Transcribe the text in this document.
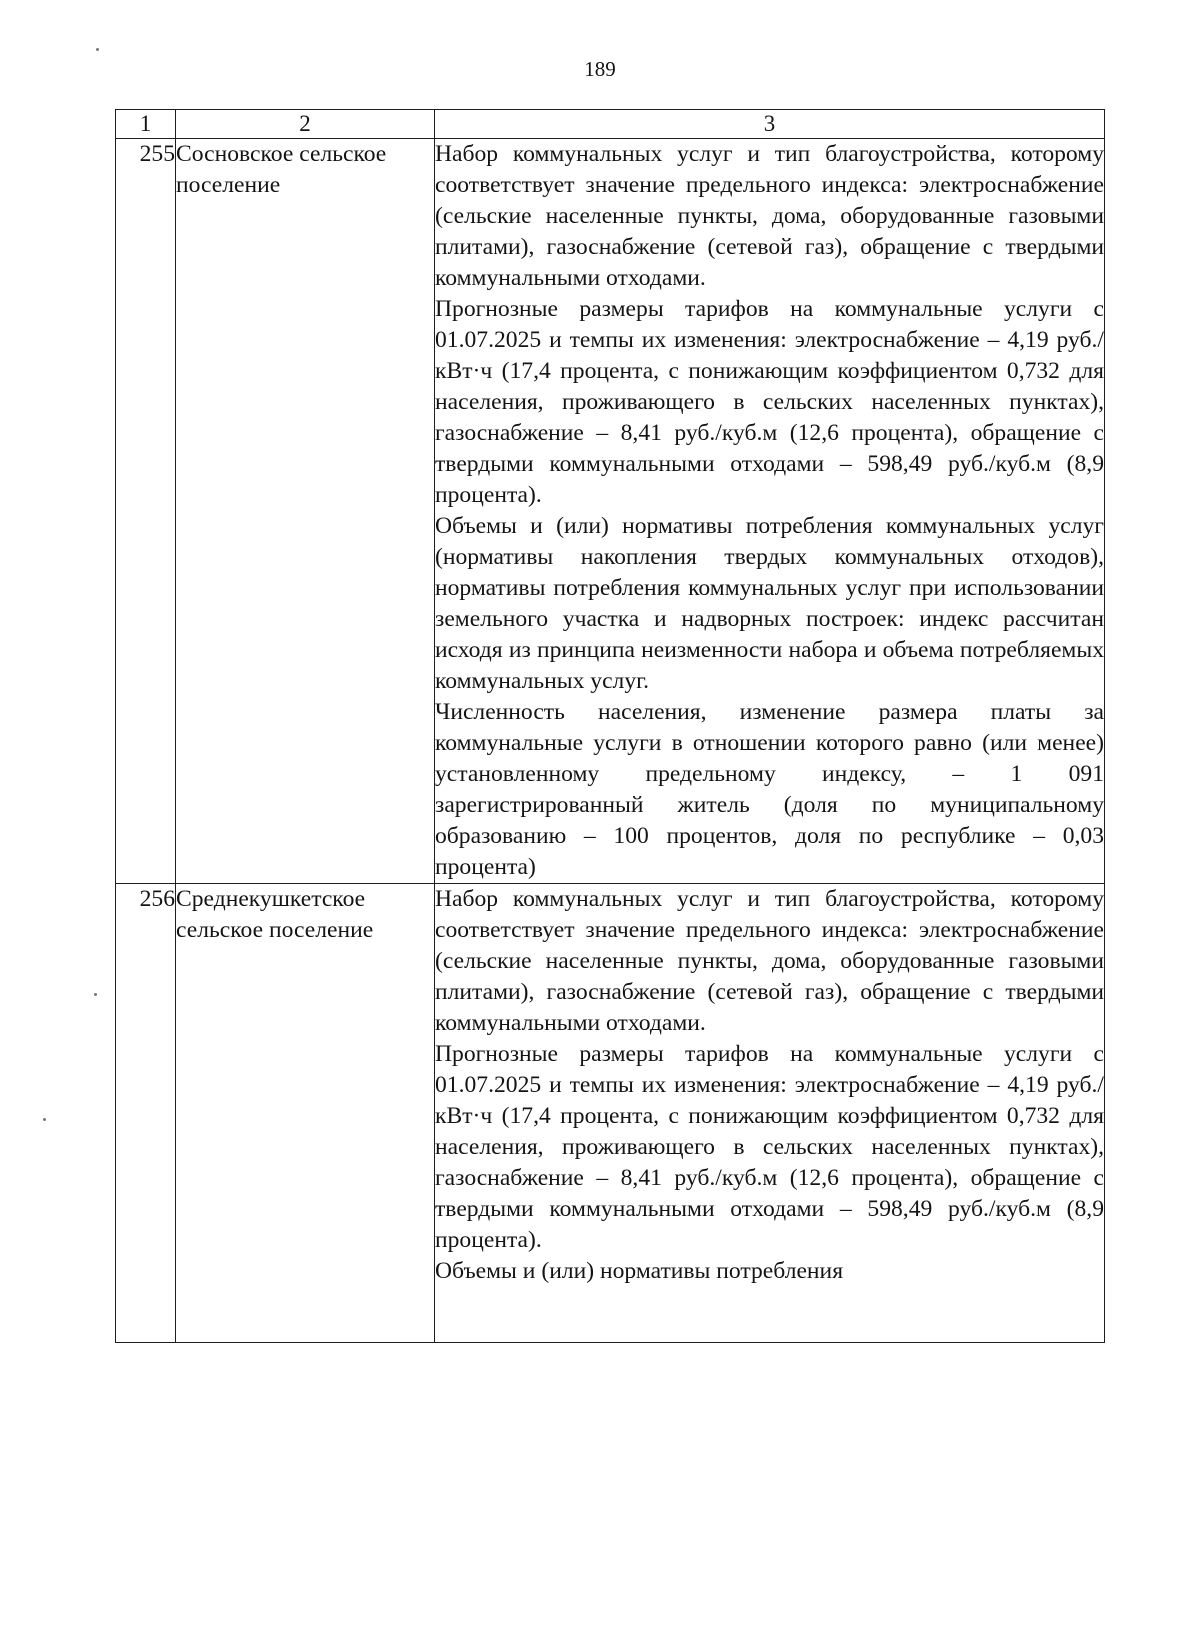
189
1	2	3
255	Сосновское сельское поселение	Набор коммунальных услуг и тип благоустройства, которому соответствует значение предельного индекса: электроснабжение (сельские населенные пункты, дома, оборудованные газовыми плитами), газоснабжение (сетевой газ), обращение с твердыми коммунальными отходами.

Прогнозные размеры тарифов на коммунальные услуги с 01.07.2025 и темпы их изменения: электроснабжение – 4,19 руб./кВт·ч (17,4 процента, с понижающим коэффициентом 0,732 для населения, проживающего в сельских населенных пунктах), газоснабжение – 8,41 руб./куб.м (12,6 процента), обращение с твердыми коммунальными отходами – 598,49 руб./куб.м (8,9 процента).

Объемы и (или) нормативы потребления коммунальных услуг (нормативы накопления твердых коммунальных отходов), нормативы потребления коммунальных услуг при использовании земельного участка и надворных построек: индекс рассчитан исходя из принципа неизменности набора и объема потребляемых коммунальных услуг.

Численность населения, изменение размера платы за коммунальные услуги в отношении которого равно (или менее) установленному предельному индексу, – 1 091 зарегистрированный житель (доля по муниципальному образованию – 100 процентов, доля по республике – 0,03 процента)

256	Среднекушкетское сельское поселение	Набор коммунальных услуг и тип благоустройства, которому соответствует значение предельного индекса: электроснабжение (сельские населенные пункты, дома, оборудованные газовыми плитами), газоснабжение (сетевой газ), обращение с твердыми коммунальными отходами.

Прогнозные размеры тарифов на коммунальные услуги с 01.07.2025 и темпы их изменения: электроснабжение – 4,19 руб./кВт·ч (17,4 процента, с понижающим коэффициентом 0,732 для населения, проживающего в сельских населенных пунктах), газоснабжение – 8,41 руб./куб.м (12,6 процента), обращение с твердыми коммунальными отходами – 598,49 руб./куб.м (8,9 процента).

Объемы и (или) нормативы потребления
